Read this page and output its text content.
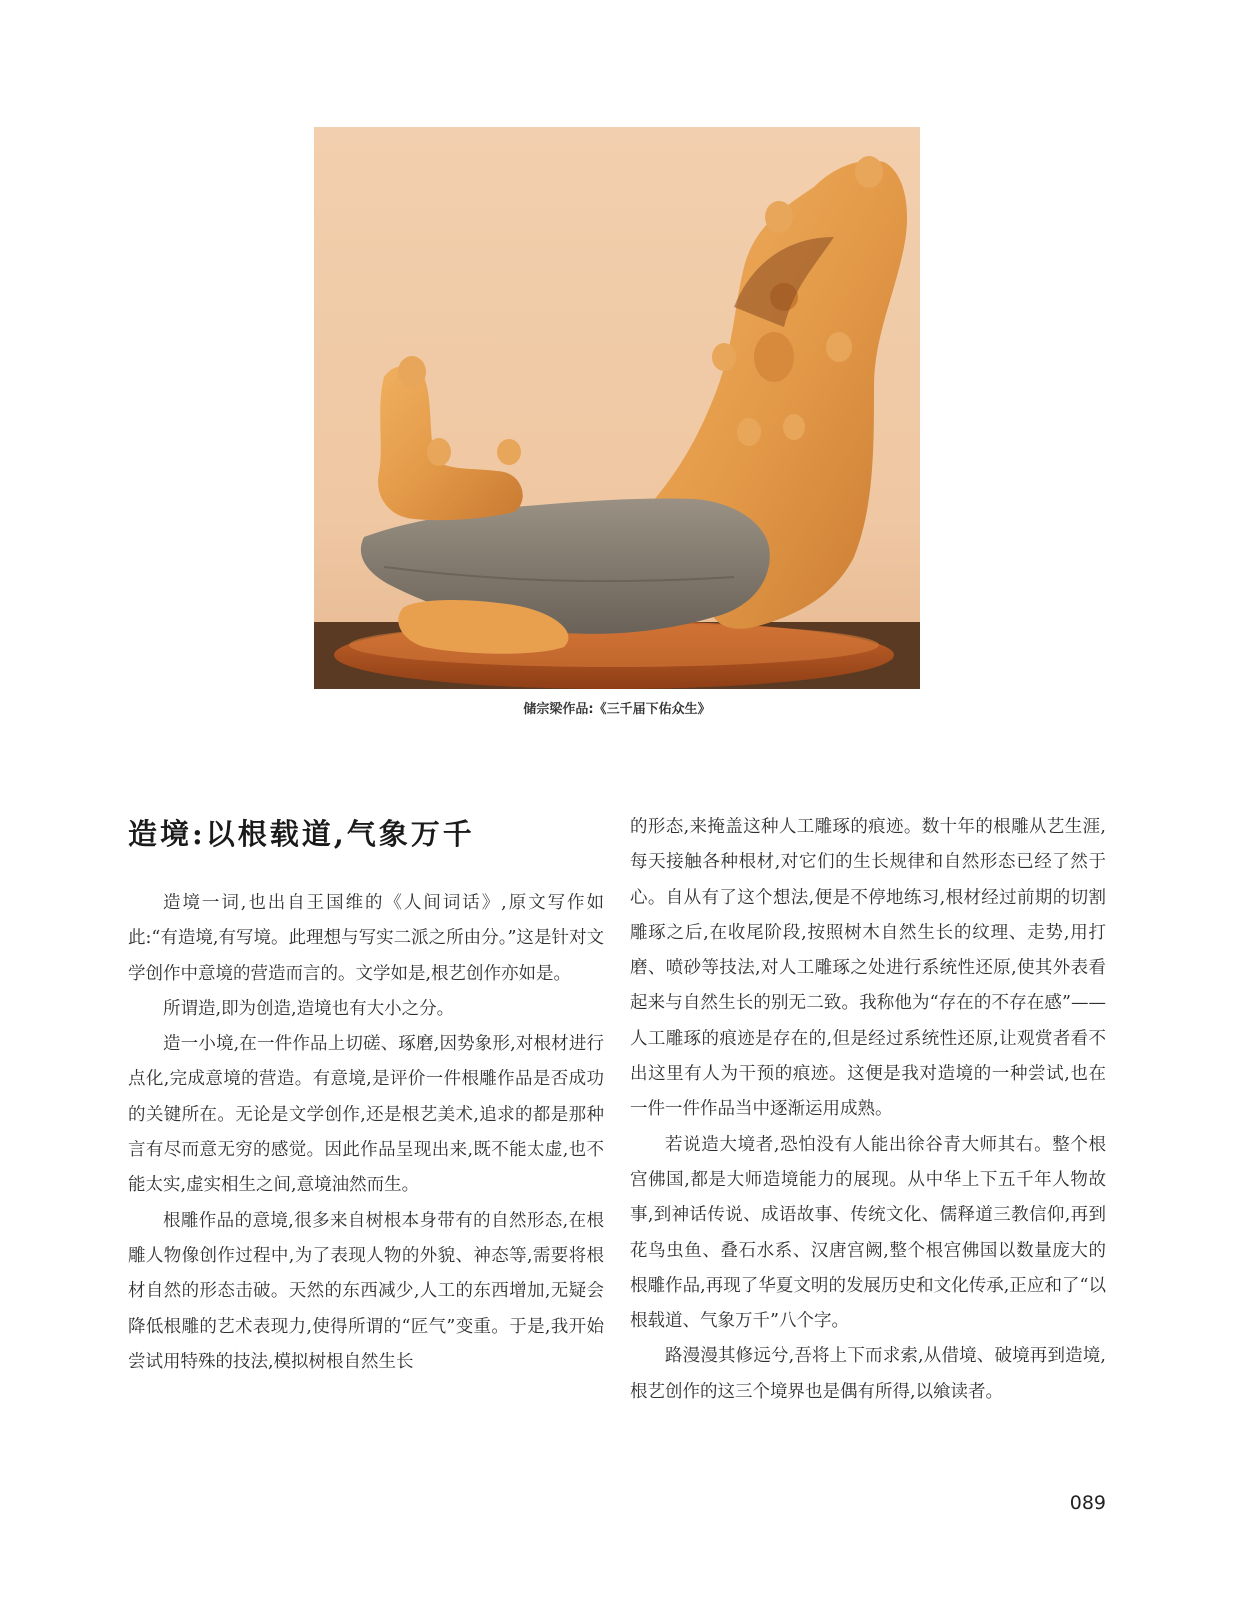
储宗梁作品:《三千届下佑众生》
造境:以根载道,气象万千

造境一词,也出自王国维的《人间词话》,原文写作如此:“有造境,有写境。此理想与写实二派之所由分。”这是针对文学创作中意境的营造而言的。文学如是,根艺创作亦如是。

所谓造,即为创造,造境也有大小之分。

造一小境,在一件作品上切磋、琢磨,因势象形,对根材进行点化,完成意境的营造。有意境,是评价一件根雕作品是否成功的关键所在。无论是文学创作,还是根艺美术,追求的都是那种言有尽而意无穷的感觉。因此作品呈现出来,既不能太虚,也不能太实,虚实相生之间,意境油然而生。

根雕作品的意境,很多来自树根本身带有的自然形态,在根雕人物像创作过程中,为了表现人物的外貌、神态等,需要将根材自然的形态击破。天然的东西减少,人工的东西增加,无疑会降低根雕的艺术表现力,使得所谓的“匠气”变重。于是,我开始尝试用特殊的技法,模拟树根自然生长

的形态,来掩盖这种人工雕琢的痕迹。数十年的根雕从艺生涯,每天接触各种根材,对它们的生长规律和自然形态已经了然于心。自从有了这个想法,便是不停地练习,根材经过前期的切割雕琢之后,在收尾阶段,按照树木自然生长的纹理、走势,用打磨、喷砂等技法,对人工雕琢之处进行系统性还原,使其外表看起来与自然生长的别无二致。我称他为“存在的不存在感”——人工雕琢的痕迹是存在的,但是经过系统性还原,让观赏者看不出这里有人为干预的痕迹。这便是我对造境的一种尝试,也在一件一件作品当中逐渐运用成熟。

若说造大境者,恐怕没有人能出徐谷青大师其右。整个根宫佛国,都是大师造境能力的展现。从中华上下五千年人物故事,到神话传说、成语故事、传统文化、儒释道三教信仰,再到花鸟虫鱼、叠石水系、汉唐宫阙,整个根宫佛国以数量庞大的根雕作品,再现了华夏文明的发展历史和文化传承,正应和了“以根载道、气象万千”八个字。

路漫漫其修远兮,吾将上下而求索,从借境、破境再到造境,根艺创作的这三个境界也是偶有所得,以飨读者。

089
